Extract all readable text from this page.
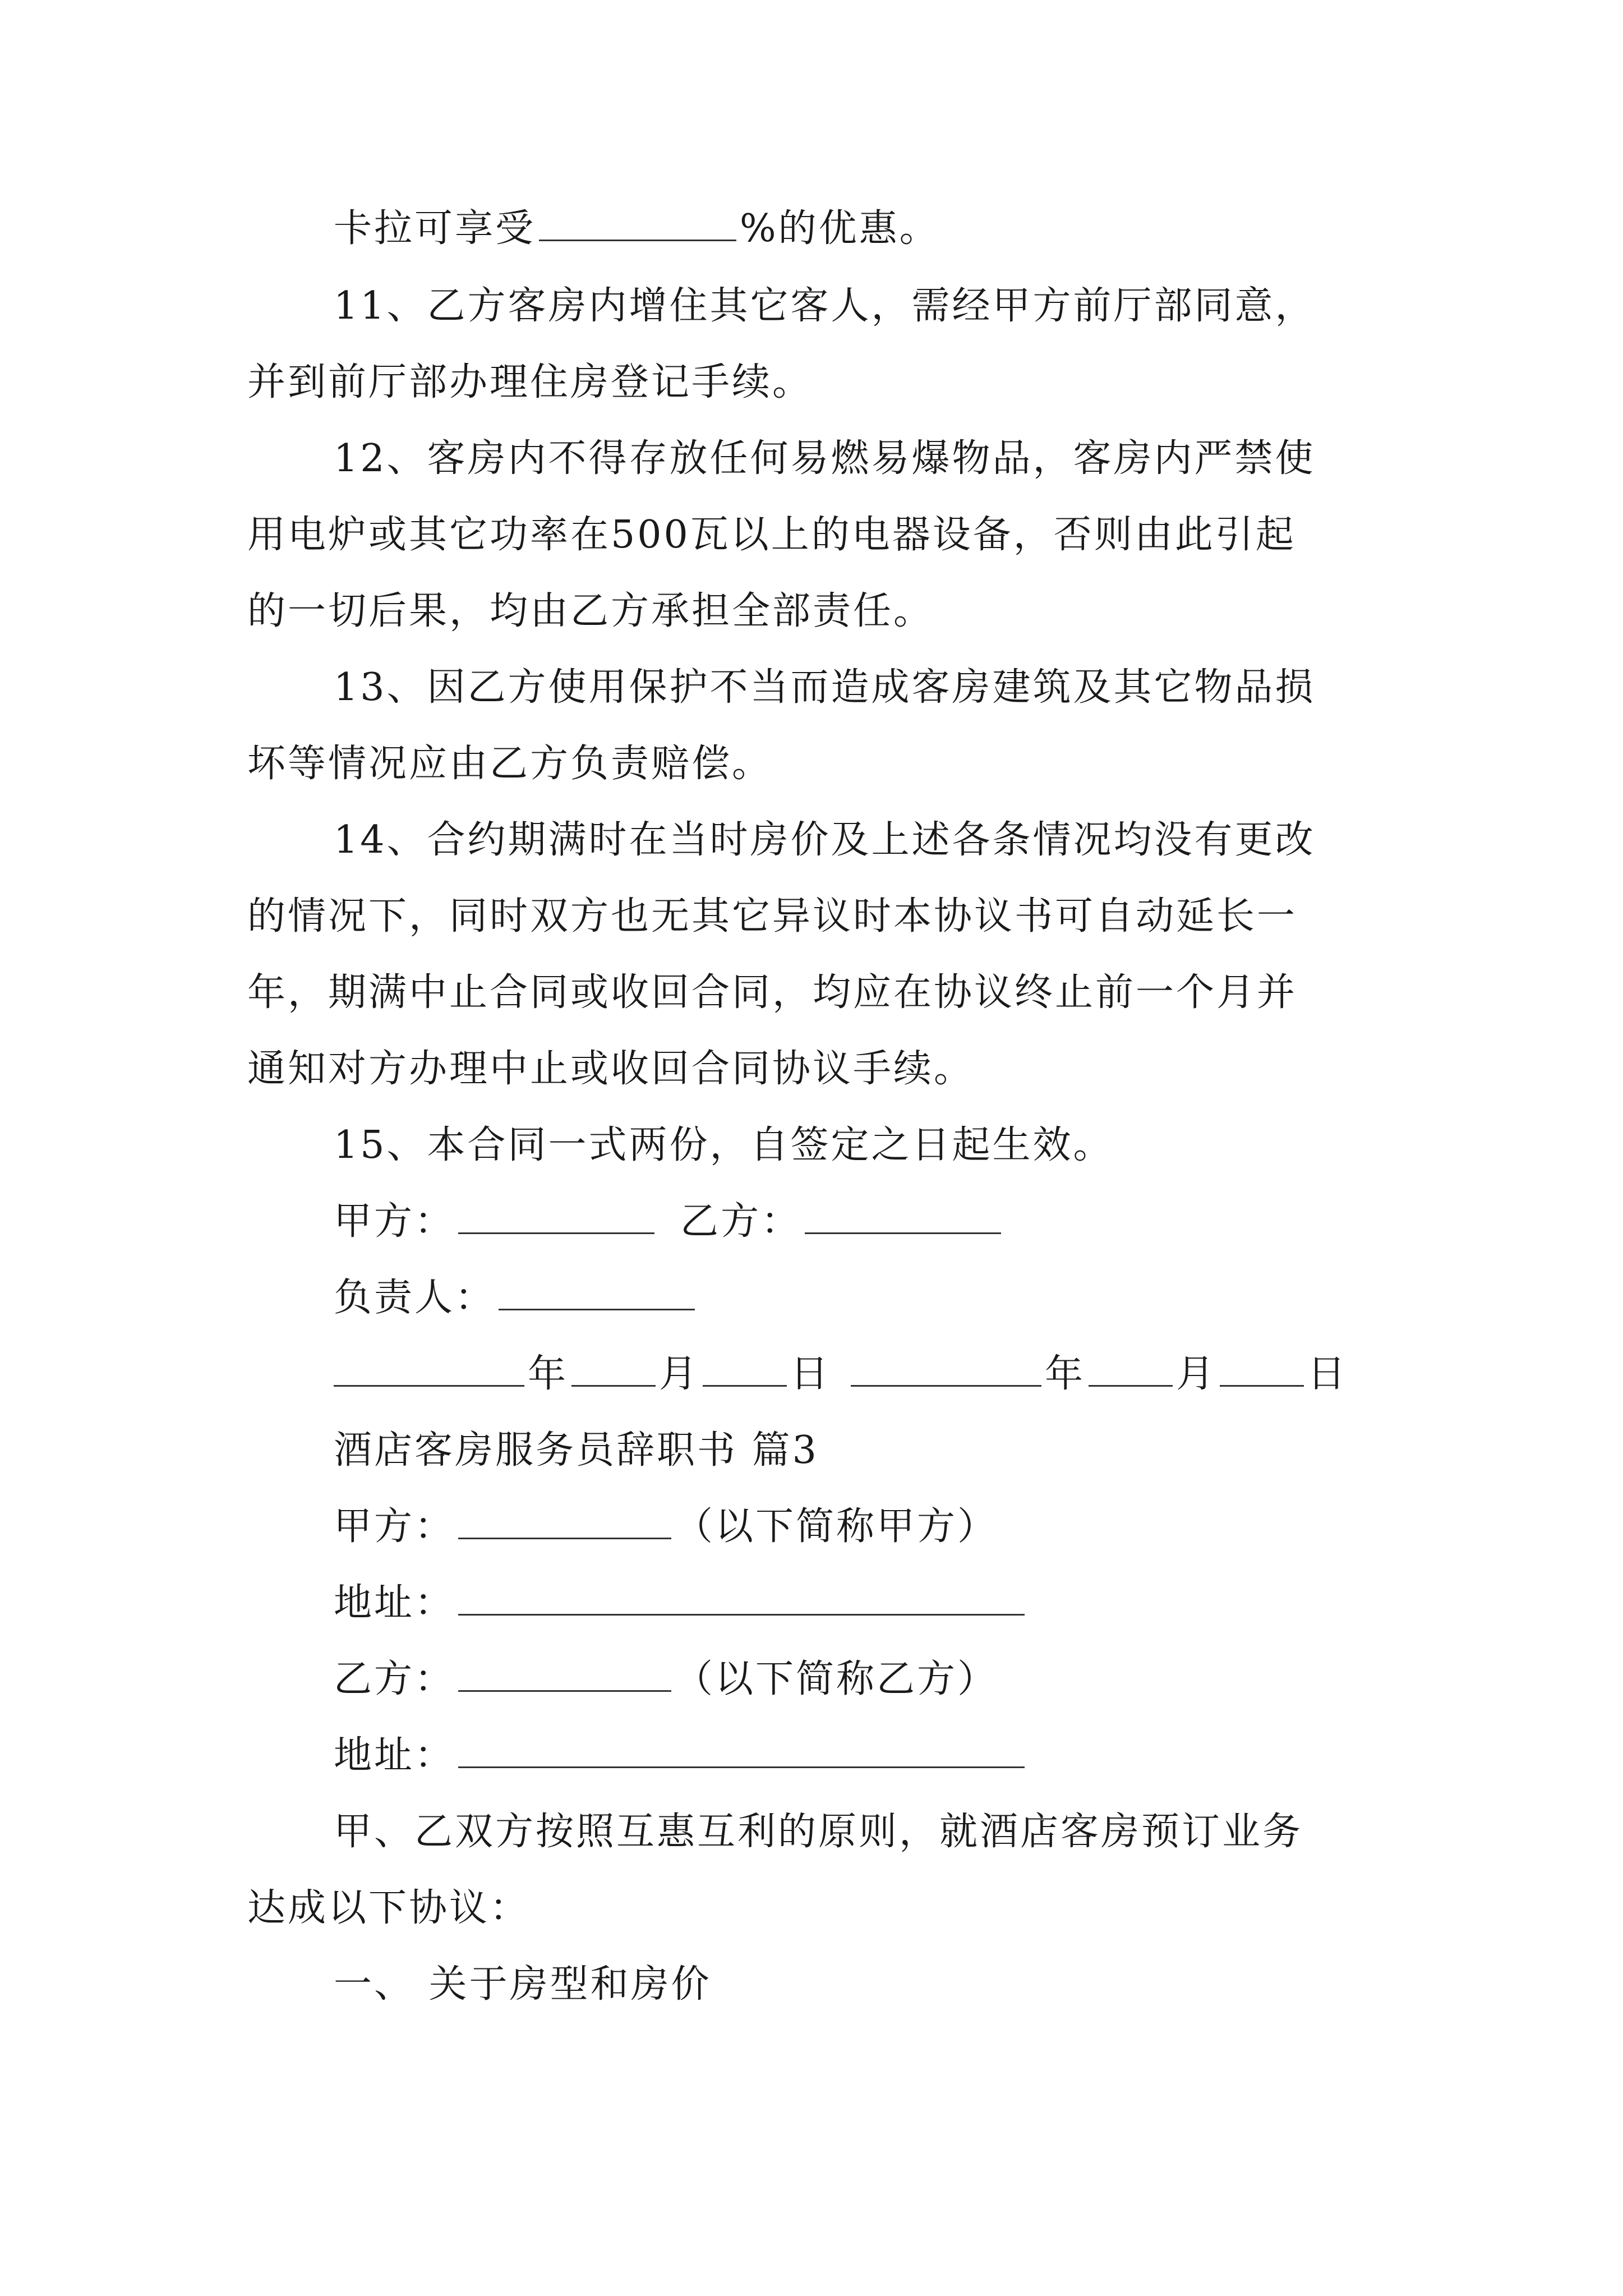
卡拉可享受	%的优惠。
11、乙方客房内增住其它客人，需经甲方前厅部同意，
并到前厅部办理住房登记手续。
12、客房内不得存放任何易燃易爆物品，客房内严禁使
用电炉或其它功率在500瓦以上的电器设备，否则由此引起
的一切后果，均由乙方承担全部责任。
13、因乙方使用保护不当而造成客房建筑及其它物品损
坏等情况应由乙方负责赔偿。
14、合约期满时在当时房价及上述各条情况均没有更改
的情况下，同时双方也无其它异议时本协议书可自动延长一
年，期满中止合同或收回合同，均应在协议终止前一个月并
通知对方办理中止或收回合同协议手续。
15、本合同一式两份，自签定之日起生效。
甲方：	乙方：
负责人：
年 月 日	年 月 日
酒店客房服务员辞职书 篇3
甲方：	（以下简称甲方）
地址：
乙方：	（以下简称乙方）
地址：
甲、乙双方按照互惠互利的原则，就酒店客房预订业务
达成以下协议：
一、 关于房型和房价
